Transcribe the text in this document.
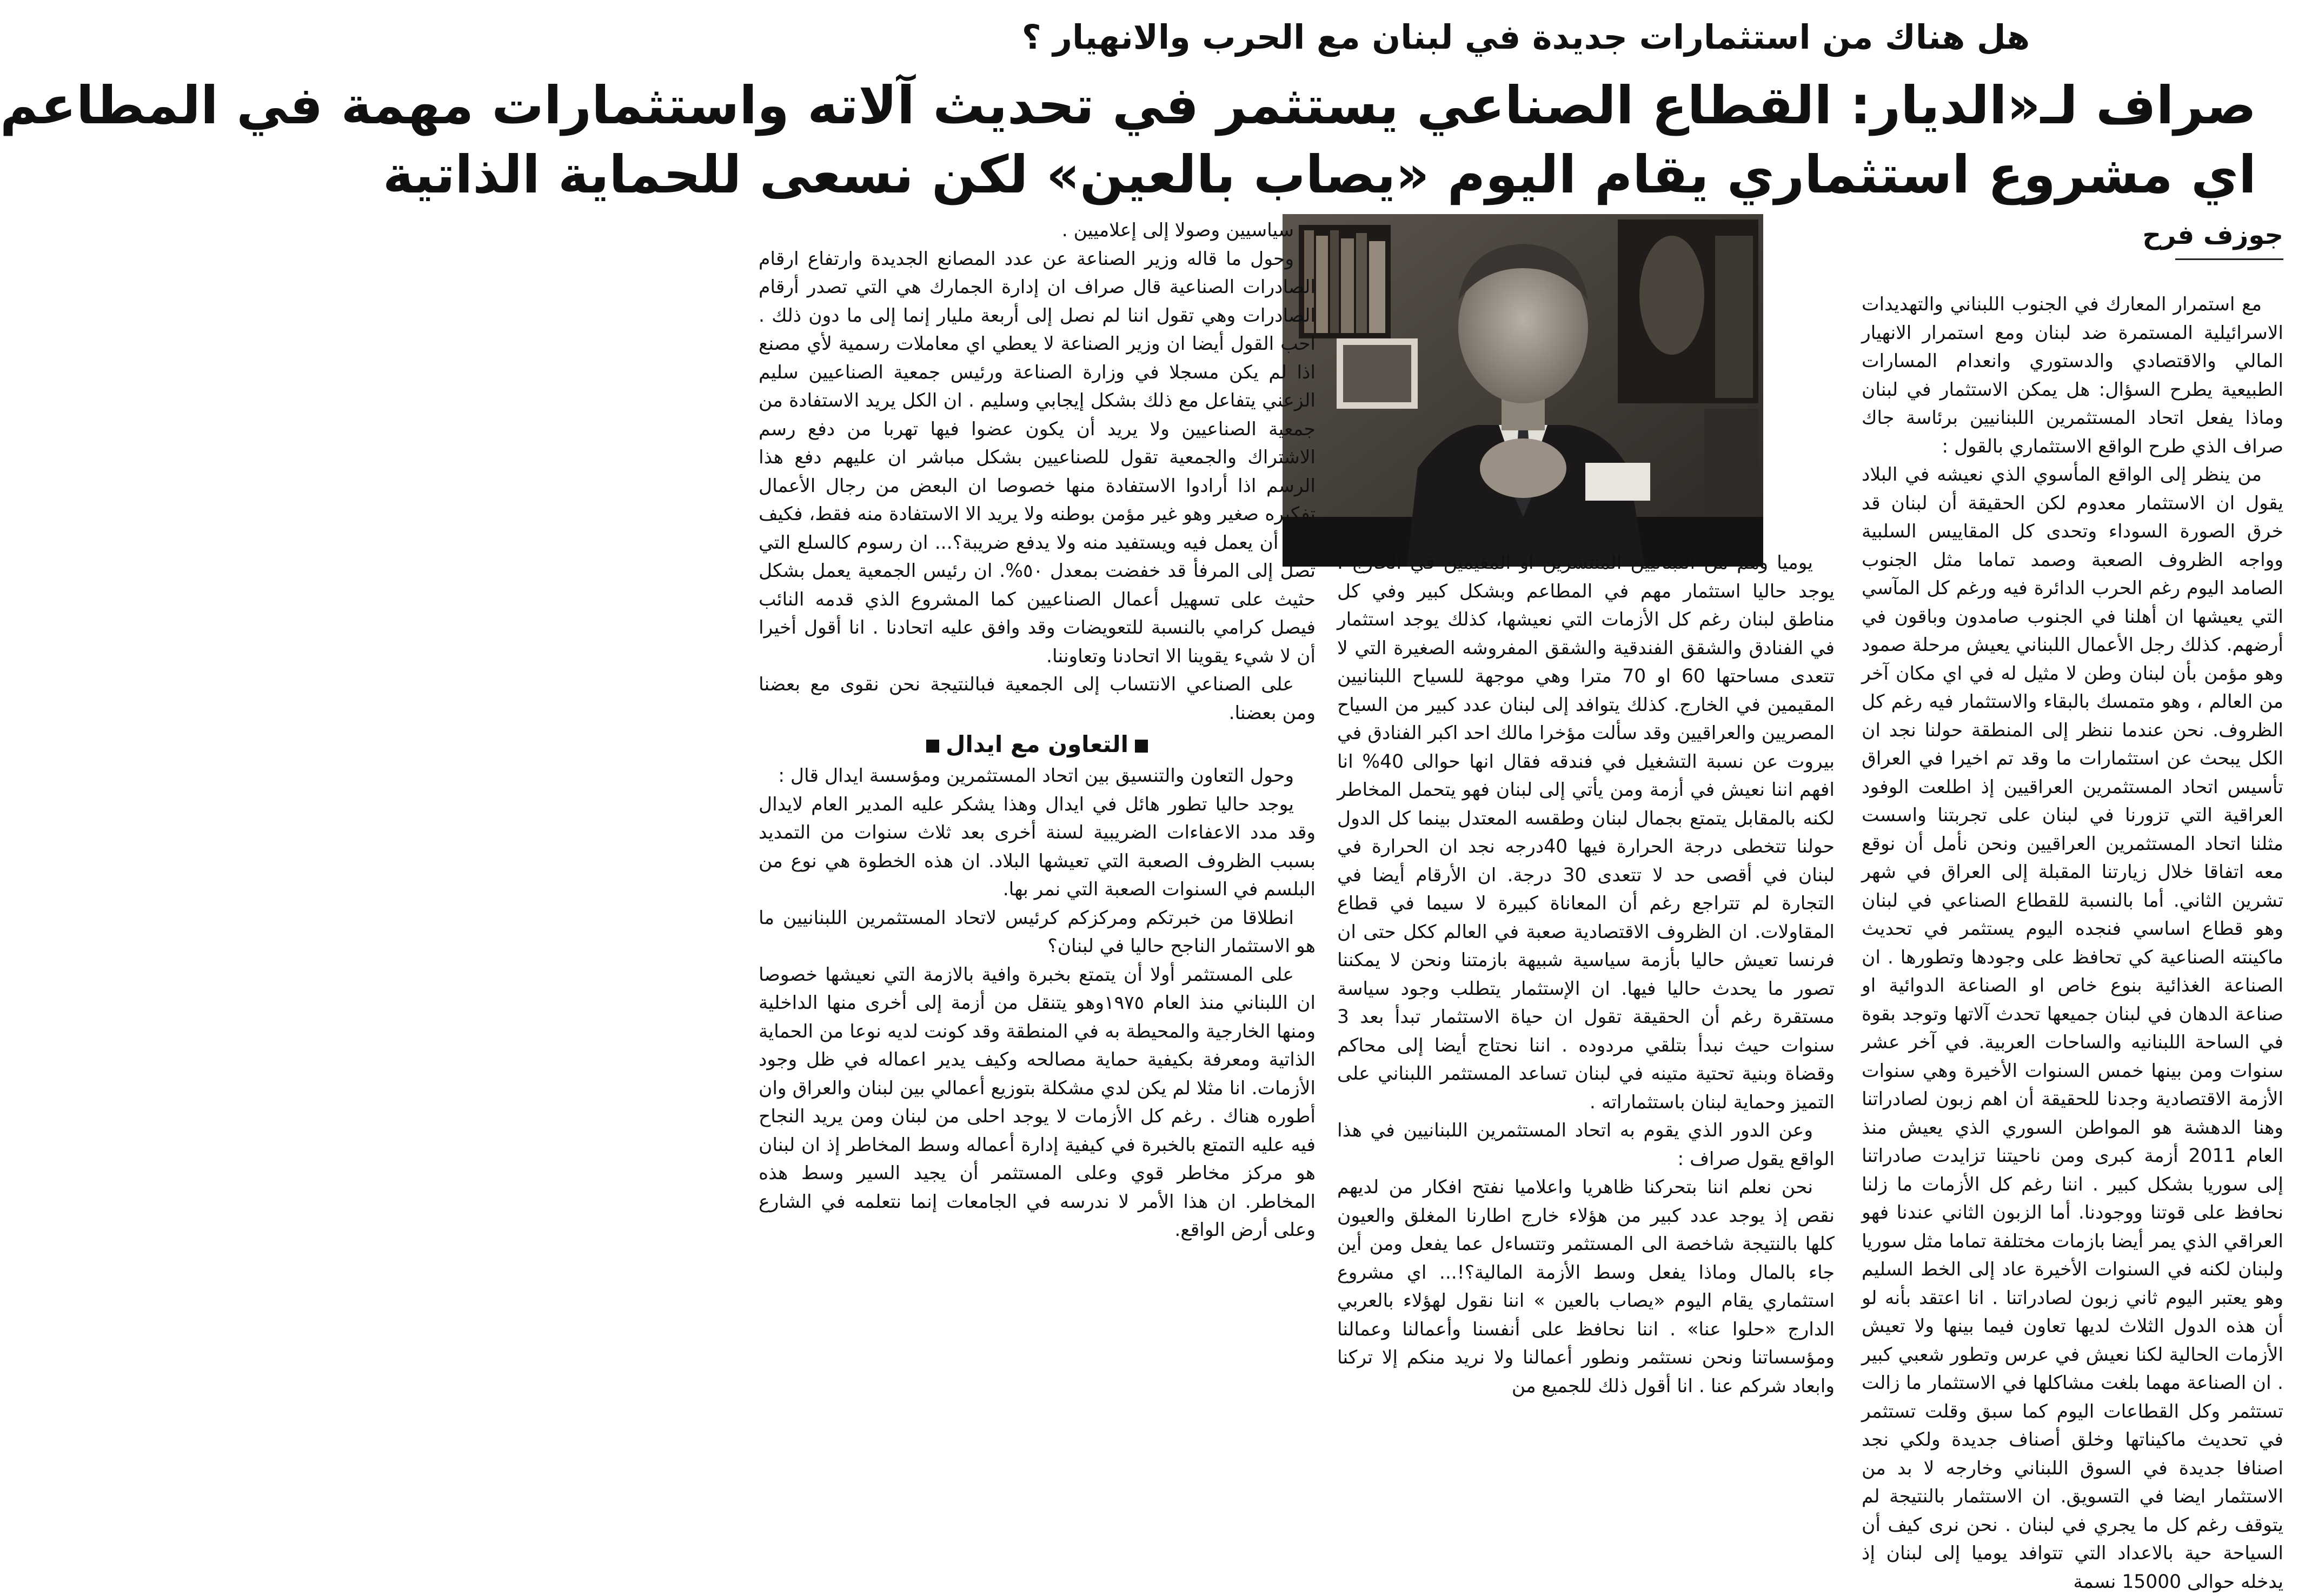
هل هناك من استثمارات جديدة في لبنان مع الحرب والانهيار ؟
صراف لـ«الديار: القطاع الصناعي يستثمر في تحديث آلاته واستثمارات مهمة في المطاعم
اي مشروع استثماري يقام اليوم «يصاب بالعين» لكن نسعى للحماية الذاتية

جوزف فرح

مع استمرار المعارك في الجنوب اللبناني والتهديدات الاسرائيلية المستمرة ضد لبنان ومع استمرار الانهيار المالي والاقتصادي والدستوري وانعدام المسارات الطبيعية يطرح السؤال: هل يمكن الاستثمار في لبنان وماذا يفعل اتحاد المستثمرين اللبنانيين برئاسة جاك صراف الذي طرح الواقع الاستثماري بالقول :

من ينظر إلى الواقع المأسوي الذي نعيشه في البلاد يقول ان الاستثمار معدوم لكن الحقيقة أن لبنان قد خرق الصورة السوداء وتحدى كل المقاييس السلبية وواجه الظروف الصعبة وصمد تماما مثل الجنوب الصامد اليوم رغم الحرب الدائرة فيه ورغم كل المآسي التي يعيشها ان أهلنا في الجنوب صامدون وباقون في أرضهم. كذلك رجل الأعمال اللبناني يعيش مرحلة صمود وهو مؤمن بأن لبنان وطن لا مثيل له في اي مكان آخر من العالم ، وهو متمسك بالبقاء والاستثمار فيه رغم كل الظروف. نحن عندما ننظر إلى المنطقة حولنا نجد ان الكل يبحث عن استثمارات ما وقد تم اخيرا في العراق تأسيس اتحاد المستثمرين العراقيين إذ اطلعت الوفود العراقية التي تزورنا في لبنان على تجربتنا واسست مثلنا اتحاد المستثمرين العراقيين ونحن نأمل أن نوقع معه اتفاقا خلال زيارتنا المقبلة إلى العراق في شهر تشرين الثاني. أما بالنسبة للقطاع الصناعي في لبنان وهو قطاع اساسي فنجده اليوم يستثمر في تحديث ماكينته الصناعية كي تحافظ على وجودها وتطورها . ان الصناعة الغذائية بنوع خاص او الصناعة الدوائية او صناعة الدهان في لبنان جميعها تحدث آلاتها وتوجد بقوة في الساحة اللبنانيه والساحات العربية. في آخر عشر سنوات ومن بينها خمس السنوات الأخيرة وهي سنوات الأزمة الاقتصادية وجدنا للحقيقة أن اهم زبون لصادراتنا وهنا الدهشة هو المواطن السوري الذي يعيش منذ العام 2011 أزمة كبرى ومن ناحيتنا تزايدت صادراتنا إلى سوريا بشكل كبير . اننا رغم كل الأزمات ما زلنا نحافظ على قوتنا ووجودنا. أما الزبون الثاني عندنا فهو العراقي الذي يمر أيضا بازمات مختلفة تماما مثل سوريا ولبنان لكنه في السنوات الأخيرة عاد إلى الخط السليم وهو يعتبر اليوم ثاني زبون لصادراتنا . انا اعتقد بأنه لو أن هذه الدول الثلاث لديها تعاون فيما بينها ولا تعيش الأزمات الحالية لكنا نعيش في عرس وتطور شعبي كبير . ان الصناعة مهما بلغت مشاكلها في الاستثمار ما زالت تستثمر وكل القطاعات اليوم كما سبق وقلت تستثمر في تحديث ماكيناتها وخلق أصناف جديدة ولكي نجد اصنافا جديدة في السوق اللبناني وخارجه لا بد من الاستثمار ايضا في التسويق. ان الاستثمار بالنتيجة لم يتوقف رغم كل ما يجري في لبنان . نحن نرى كيف أن السياحة حية بالاعداد التي تتوافد يوميا إلى لبنان إذ يدخله حوالى 15000 نسمة

يوميا وهم من اللبنانيين المنتشرين او المقيمين في الخارج . يوجد حاليا استثمار مهم في المطاعم وبشكل كبير وفي كل مناطق لبنان رغم كل الأزمات التي نعيشها، كذلك يوجد استثمار في الفنادق والشقق الفندقية والشقق المفروشه الصغيرة التي لا تتعدى مساحتها 60 او 70 مترا وهي موجهة للسياح اللبنانيين المقيمين في الخارج. كذلك يتوافد إلى لبنان عدد كبير من السياح المصريين والعراقيين وقد سألت مؤخرا مالك احد اكبر الفنادق في بيروت عن نسبة التشغيل في فندقه فقال انها حوالى 40% انا افهم اننا نعيش في أزمة ومن يأتي إلى لبنان فهو يتحمل المخاطر لكنه بالمقابل يتمتع بجمال لبنان وطقسه المعتدل بينما كل الدول حولنا تتخطى درجة الحرارة فيها 40درجه نجد ان الحرارة في لبنان في أقصى حد لا تتعدى 30 درجة. ان الأرقام أيضا في التجارة لم تتراجع رغم أن المعاناة كبيرة لا سيما في قطاع المقاولات. ان الظروف الاقتصادية صعبة في العالم ككل حتى ان فرنسا تعيش حاليا بأزمة سياسية شبيهة بازمتنا ونحن لا يمكننا تصور ما يحدث حاليا فيها. ان الإستثمار يتطلب وجود سياسة مستقرة رغم أن الحقيقة تقول ان حياة الاستثمار تبدأ بعد 3 سنوات حيث نبدأ بتلقي مردوده . اننا نحتاج أيضا إلى محاكم وقضاة وبنية تحتية متينه في لبنان تساعد المستثمر اللبناني على التميز وحماية لبنان باستثماراته .

وعن الدور الذي يقوم به اتحاد المستثمرين اللبنانيين في هذا الواقع يقول صراف :

نحن نعلم اننا بتحركنا ظاهريا واعلاميا نفتح افكار من لديهم نقص إذ يوجد عدد كبير من هؤلاء خارج اطارنا المغلق والعيون كلها بالنتيجة شاخصة الى المستثمر وتتساءل عما يفعل ومن أين جاء بالمال وماذا يفعل وسط الأزمة المالية؟!... اي مشروع استثماري يقام اليوم «يصاب بالعين » اننا نقول لهؤلاء بالعربي الدارج «حلوا عنا» . اننا نحافظ على أنفسنا وأعمالنا وعمالنا ومؤسساتنا ونحن نستثمر ونطور أعمالنا ولا نريد منكم إلا تركنا وابعاد شركم عنا . انا أقول ذلك للجميع من

سياسيين وصولا إلى إعلاميين .

وحول ما قاله وزير الصناعة عن عدد المصانع الجديدة وارتفاع ارقام الصادرات الصناعية قال صراف ان إدارة الجمارك هي التي تصدر أرقام الصادرات وهي تقول اننا لم نصل إلى أربعة مليار إنما إلى ما دون ذلك . احب القول أيضا ان وزير الصناعة لا يعطي اي معاملات رسمية لأي مصنع اذا لم يكن مسجلا في وزارة الصناعة ورئيس جمعية الصناعيين سليم الزعني يتفاعل مع ذلك بشكل إيجابي وسليم . ان الكل يريد الاستفادة من جمعية الصناعيين ولا يريد أن يكون عضوا فيها تهربا من دفع رسم الاشتراك والجمعية تقول للصناعيين بشكل مباشر ان عليهم دفع هذا الرسم اذا أرادوا الاستفادة منها خصوصا ان البعض من رجال الأعمال تفكيره صغير وهو غير مؤمن بوطنه ولا يريد الا الاستفادة منه فقط، فكيف يريد أن يعمل فيه ويستفيد منه ولا يدفع ضريبة؟... ان رسوم كالسلع التي تصل إلى المرفأ قد خفضت بمعدل ٥٠%. ان رئيس الجمعية يعمل بشكل حثيث على تسهيل أعمال الصناعيين كما المشروع الذي قدمه النائب فيصل كرامي بالنسبة للتعويضات وقد وافق عليه اتحادنا . انا أقول أخيرا أن لا شيء يقوينا الا اتحادنا وتعاوننا.

على الصناعي الانتساب إلى الجمعية فبالنتيجة نحن نقوى مع بعضنا ومن بعضنا.

التعاون مع ايدال

وحول التعاون والتنسيق بين اتحاد المستثمرين ومؤسسة ايدال قال :

يوجد حاليا تطور هائل في ايدال وهذا يشكر عليه المدير العام لايدال وقد مدد الاعفاءات الضريبية لسنة أخرى بعد ثلاث سنوات من التمديد بسبب الظروف الصعبة التي تعيشها البلاد. ان هذه الخطوة هي نوع من البلسم في السنوات الصعبة التي نمر بها.

انطلاقا من خبرتكم ومركزكم كرئيس لاتحاد المستثمرين اللبنانيين ما هو الاستثمار الناجح حاليا في لبنان؟

على المستثمر أولا أن يتمتع بخبرة وافية بالازمة التي نعيشها خصوصا ان اللبناني منذ العام ١٩٧٥وهو يتنقل من أزمة إلى أخرى منها الداخلية ومنها الخارجية والمحيطة به في المنطقة وقد كونت لديه نوعا من الحماية الذاتية ومعرفة بكيفية حماية مصالحه وكيف يدير اعماله في ظل وجود الأزمات. انا مثلا لم يكن لدي مشكلة بتوزيع أعمالي بين لبنان والعراق وان أطوره هناك . رغم كل الأزمات لا يوجد احلى من لبنان ومن يريد النجاح فيه عليه التمتع بالخبرة في كيفية إدارة أعماله وسط المخاطر إذ ان لبنان هو مركز مخاطر قوي وعلى المستثمر أن يجيد السير وسط هذه المخاطر. ان هذا الأمر لا ندرسه في الجامعات إنما نتعلمه في الشارع وعلى أرض الواقع.
